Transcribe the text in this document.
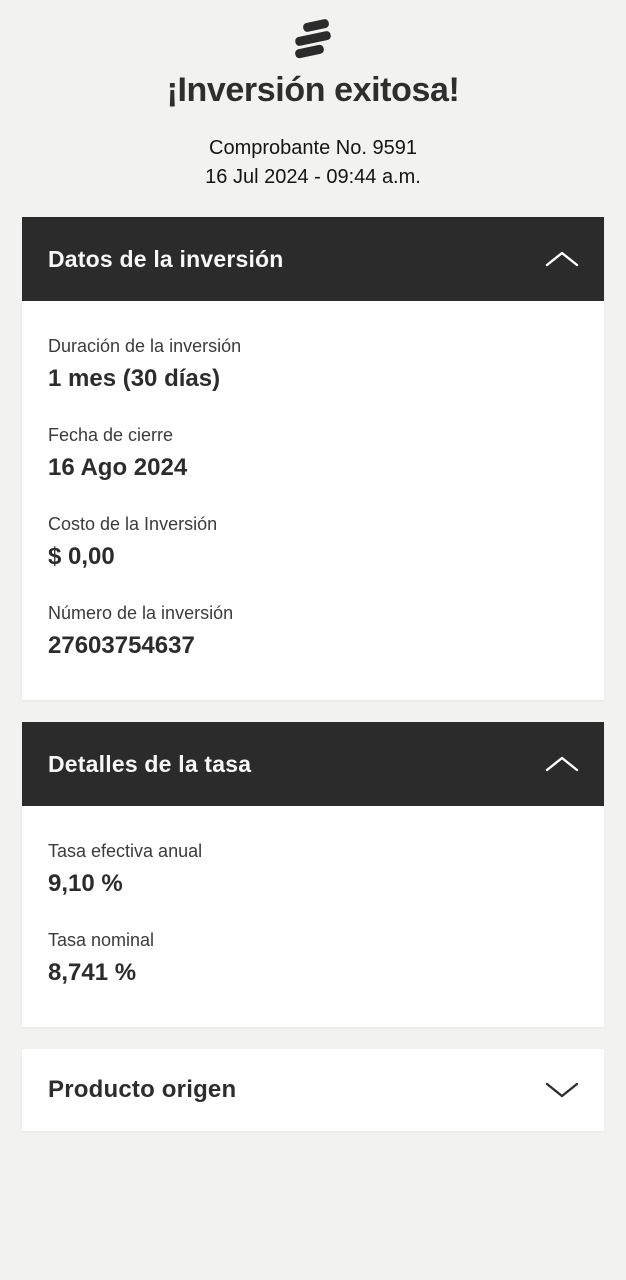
¡Inversión exitosa!
Comprobante No. 9591
16 Jul 2024 - 09:44 a.m.
Datos de la inversión
Duración de la inversión
1 mes (30 días)
Fecha de cierre
16 Ago 2024
Costo de la Inversión
$ 0,00
Número de la inversión
27603754637
Detalles de la tasa
Tasa efectiva anual
9,10 %
Tasa nominal
8,741 %
Producto origen
